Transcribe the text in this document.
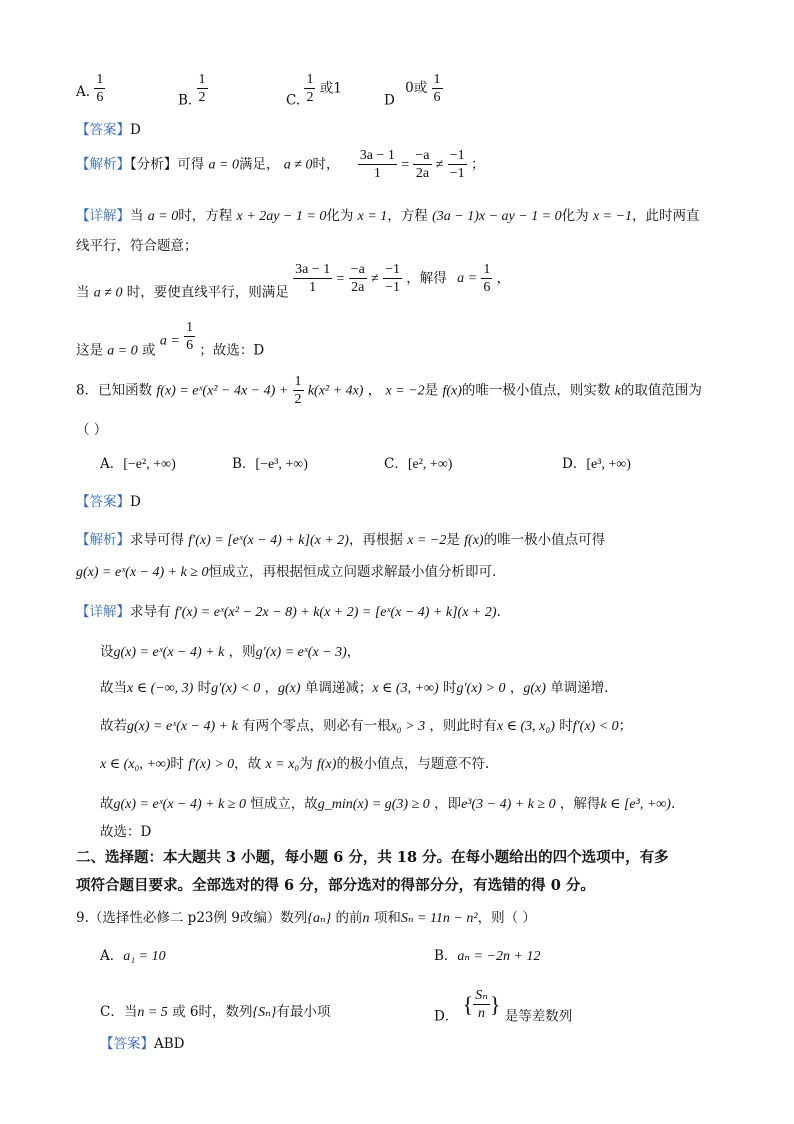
A. $\frac{1}{6}$	B. $\frac{1}{2}$	C. $\frac{1}{2}$ 或1
D 0或 $\frac{1}{6}$
【答案】D
【解析】【分析】可得 a = 0满足， a ≠ 0时， $\frac{3a - 1}{1} = \frac{-a}{2a} \ne \frac{-1}{-1}$ ；
【详解】当 a = 0时，方程 x + 2ay − 1 = 0化为 x = 1，方程 (3a − 1)x − ay − 1 = 0化为 x = −1，此时两直
线平行，符合题意；
当 a ≠ 0 时，要使直线平行，则满足 $\frac{3a - 1}{1} = \frac{-a}{2a} \ne \frac{-1}{-1}$ ，解得 $a = \frac{1}{6}$ ，
这是 a = 0 或 $a = \frac{1}{6}$ ；故选：D
8．已知函数 f(x) = eˣ(x² − $4x - 4) + \frac{1}{2} k(x^2 + 4x)$ ， x = −2是 f(x)的唯一极小值点，则实数 k的取值范围为
（ ）
A．[−e², +∞)	B．[−e³, +∞)	C．[e², +∞)	D．[e³, +∞)
【答案】D
【解析】求导可得 f′(x) = [eˣ(x − 4) + k](x + 2)，再根据 x = −2是 f(x)的唯一极小值点可得
g(x) = eˣ(x − 4) + k ≥ 0恒成立，再根据恒成立问题求解最小值分析即可.
【详解】求导有 f′(x) = eˣ(x² − 2x − 8) + k(x + 2) = [eˣ(x − 4) + k](x + 2).
设g(x) = eˣ(x − 4) + k ，则g′(x) = eˣ(x − 3)，
故当x ∈ (−∞, 3) 时g′(x) < 0 ，g(x) 单调递减；x ∈ (3, +∞) 时g′(x) > 0 ，g(x) 单调递增.
故若g(x) = eˣ(x − 4) + k 有两个零点，则必有一根x₀ > 3 ，则此时有x ∈ (3, x₀) 时f′(x) < 0；
x ∈ (x₀, +∞)时 f′(x) > 0，故 x = x₀为 f(x)的极小值点，与题意不符.
故g(x) = eˣ(x − 4) + k ≥ 0 恒成立，故g_min(x) = g(3) ≥ 0 ，即e³(3 − 4) + k ≥ 0 ，解得k ∈ [e³, +∞).
故选：D
二、选择题：本大题共 3 小题，每小题 6 分，共 18 分。在每小题给出的四个选项中，有多
项符合题目要求。全部选对的得 6 分，部分选对的得部分分，有选错的得 0 分。
9.（选择性必修二 p23例 9改编）数列{aₙ} 的前n 项和Sₙ = 11n − n²，则（ ）
A．a₁ = 10	B．aₙ = −2n + 12
C．当n = 5 或 6时，数列{Sₙ}有最小项	D． { $\frac{\text{Sₙ}}{n}$ } 是等差数列
【答案】ABD
